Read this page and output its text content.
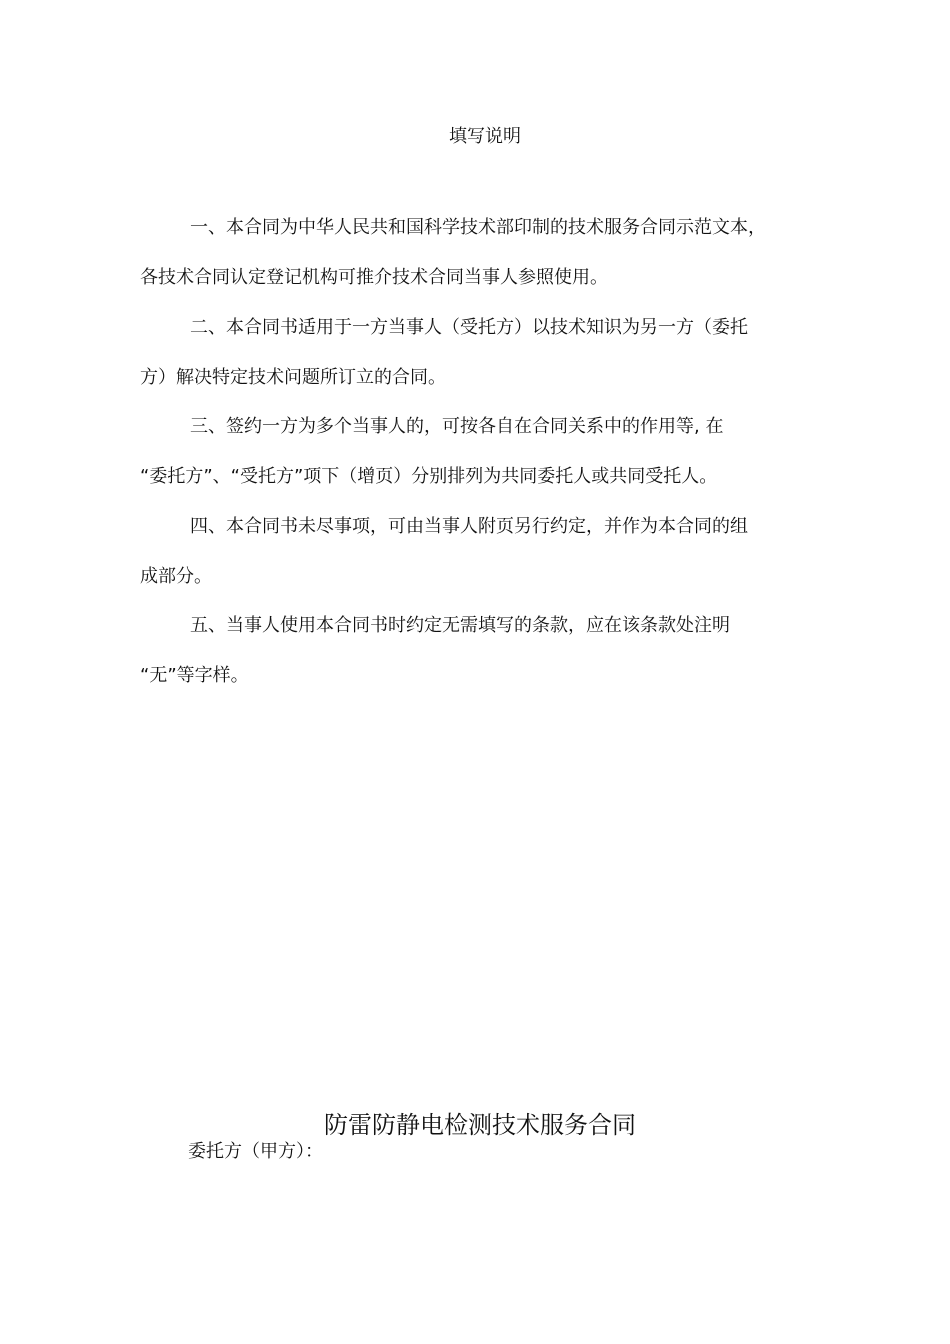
填写说明
一、本合同为中华人民共和国科学技术部印制的技术服务合同示范文本，
各技术合同认定登记机构可推介技术合同当事人参照使用。
二、本合同书适用于一方当事人（受托方）以技术知识为另一方（委托
方）解决特定技术问题所订立的合同。
三、签约一方为多个当事人的，可按各自在合同关系中的作用等, 在
“委托方”、“受托方”项下（增页）分别排列为共同委托人或共同受托人。
四、本合同书未尽事项，可由当事人附页另行约定，并作为本合同的组
成部分。
五、当事人使用本合同书时约定无需填写的条款，应在该条款处注明
“无”等字样。
防雷防静电检测技术服务合同
委托方（甲方）：
